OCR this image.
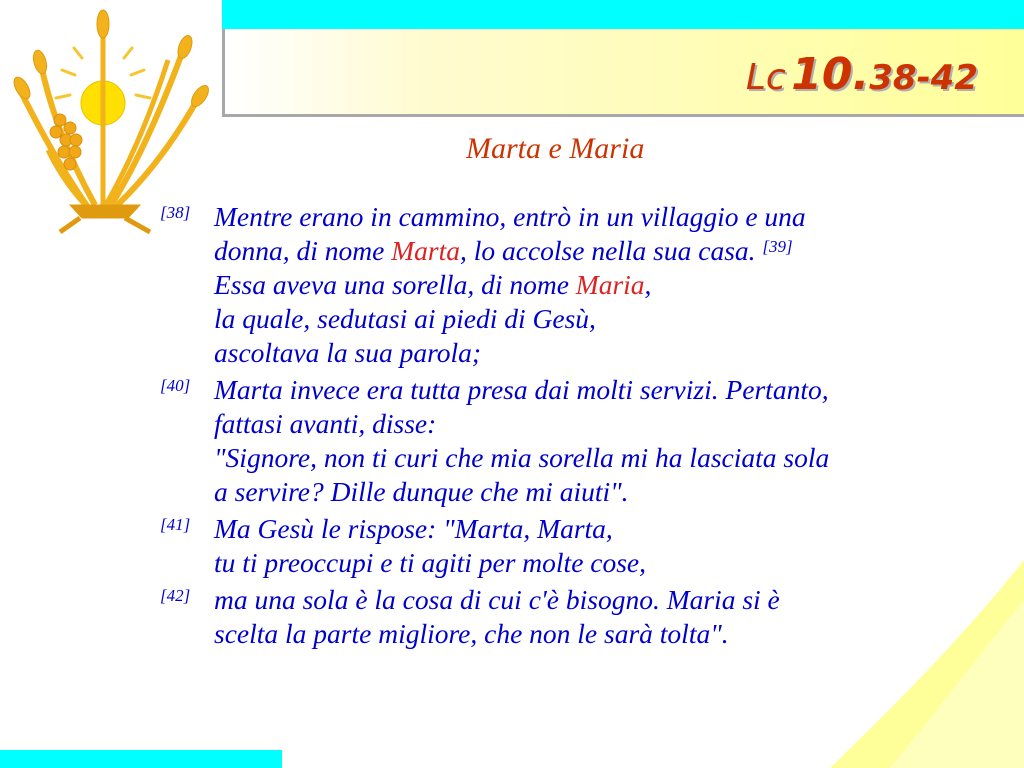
Lc 10.38-42
Marta e Maria
[38] Mentre erano in cammino, entrò in un villaggio e una
donna, di nome Marta, lo accolse nella sua casa. [39]
Essa aveva una sorella, di nome Maria,
la quale, sedutasi ai piedi di Gesù,
ascoltava la sua parola;
[40] Marta invece era tutta presa dai molti servizi. Pertanto,
fattasi avanti, disse:
"Signore, non ti curi che mia sorella mi ha lasciata sola
a servire? Dille dunque che mi aiuti".
[41] Ma Gesù le rispose: "Marta, Marta,
tu ti preoccupi e ti agiti per molte cose,
[42] ma una sola è la cosa di cui c'è bisogno. Maria si è
scelta la parte migliore, che non le sarà tolta".
